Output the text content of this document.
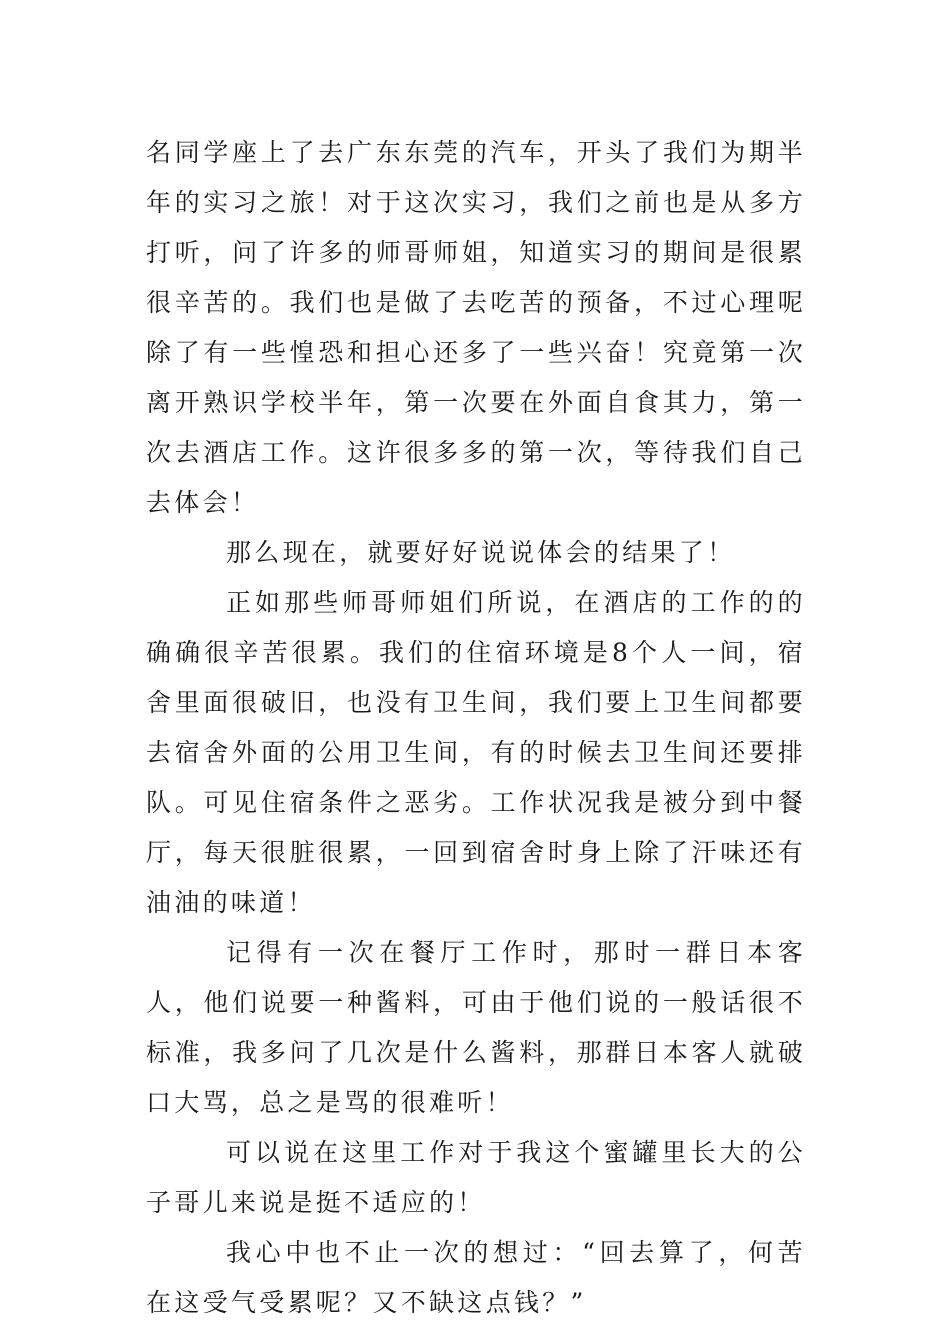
名同学座上了去广东东莞的汽车，开头了我们为期半年的实习之旅！对于这次实习，我们之前也是从多方打听，问了许多的师哥师姐，知道实习的期间是很累很辛苦的。我们也是做了去吃苦的预备，不过心理呢除了有一些惶恐和担心还多了一些兴奋！究竟第一次离开熟识学校半年，第一次要在外面自食其力，第一次去酒店工作。这许很多多的第一次，等待我们自己去体会！

那么现在，就要好好说说体会的结果了！

正如那些师哥师姐们所说，在酒店的工作的的确确很辛苦很累。我们的住宿环境是8个人一间，宿舍里面很破旧，也没有卫生间，我们要上卫生间都要去宿舍外面的公用卫生间，有的时候去卫生间还要排队。可见住宿条件之恶劣。工作状况我是被分到中餐厅，每天很脏很累，一回到宿舍时身上除了汗味还有油油的味道！

记得有一次在餐厅工作时，那时一群日本客人，他们说要一种酱料，可由于他们说的一般话很不标准，我多问了几次是什么酱料，那群日本客人就破口大骂，总之是骂的很难听！

可以说在这里工作对于我这个蜜罐里长大的公子哥儿来说是挺不适应的！

我心中也不止一次的想过：“回去算了，何苦在这受气受累呢？又不缺这点钱？”
